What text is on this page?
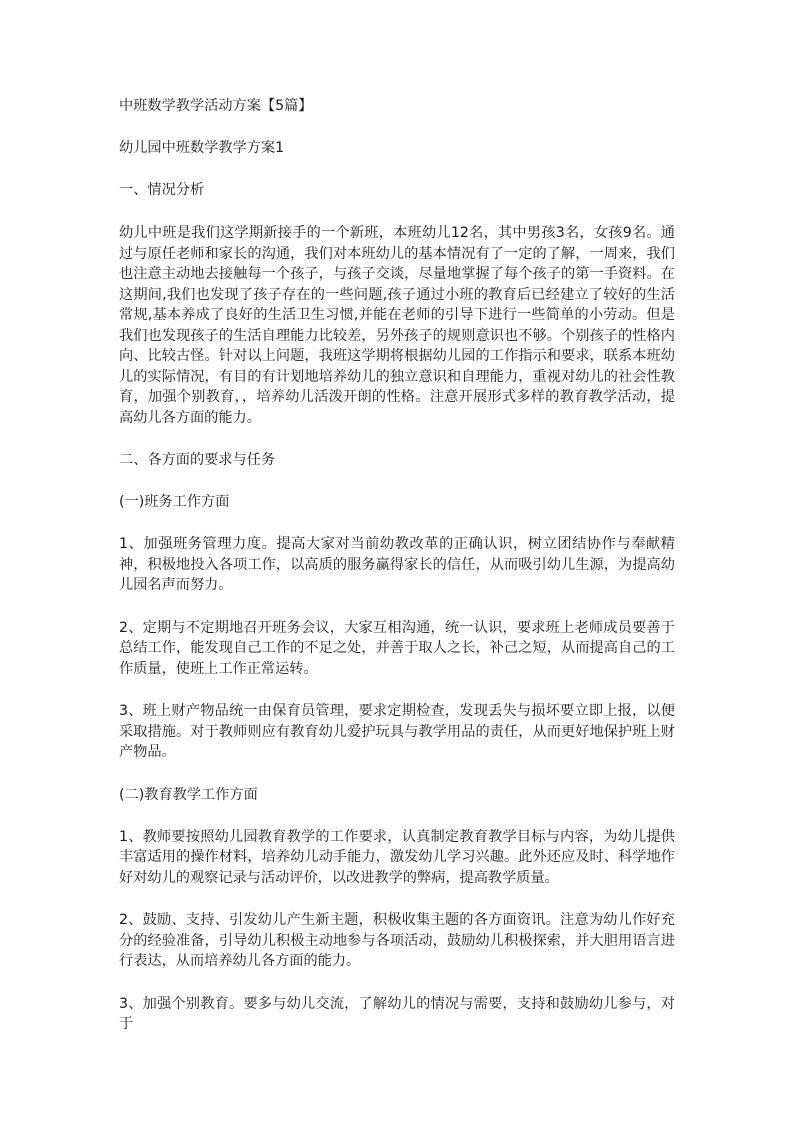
中班数学教学活动方案【5篇】

幼儿园中班数学教学方案1

一、情况分析

幼儿中班是我们这学期新接手的一个新班，本班幼儿12名，其中男孩3名，女孩9名。通过与原任老师和家长的沟通，我们对本班幼儿的基本情况有了一定的了解，一周来，我们也注意主动地去接触每一个孩子，与孩子交谈，尽量地掌握了每个孩子的第一手资料。在这期间,我们也发现了孩子存在的一些问题,孩子通过小班的教育后已经建立了较好的生活常规,基本养成了良好的生活卫生习惯,并能在老师的引导下进行一些简单的小劳动。但是我们也发现孩子的生活自理能力比较差，另外孩子的规则意识也不够。个别孩子的性格内向、比较古怪。针对以上问题，我班这学期将根据幼儿园的工作指示和要求，联系本班幼儿的实际情况，有目的有计划地培养幼儿的独立意识和自理能力，重视对幼儿的社会性教育，加强个别教育，，培养幼儿活泼开朗的性格。注意开展形式多样的教育教学活动，提高幼儿各方面的能力。

二、各方面的要求与任务

(一)班务工作方面

1、加强班务管理力度。提高大家对当前幼教改革的正确认识，树立团结协作与奉献精神，积极地投入各项工作，以高质的服务赢得家长的信任，从而吸引幼儿生源，为提高幼儿园名声而努力。

2、定期与不定期地召开班务会议，大家互相沟通，统一认识，要求班上老师成员要善于总结工作，能发现自己工作的不足之处，并善于取人之长，补己之短，从而提高自己的工作质量，使班上工作正常运转。

3、班上财产物品统一由保育员管理，要求定期检查，发现丢失与损坏要立即上报，以便采取措施。对于教师则应有教育幼儿爱护玩具与教学用品的责任，从而更好地保护班上财产物品。

(二)教育教学工作方面

1、教师要按照幼儿园教育教学的工作要求，认真制定教育教学目标与内容，为幼儿提供丰富适用的操作材料，培养幼儿动手能力，激发幼儿学习兴趣。此外还应及时、科学地作好对幼儿的观察记录与活动评价，以改进教学的弊病，提高教学质量。

2、鼓励、支持、引发幼儿产生新主题，积极收集主题的各方面资讯。注意为幼儿作好充分的经验准备，引导幼儿积极主动地参与各项活动，鼓励幼儿积极探索，并大胆用语言进行表达，从而培养幼儿各方面的能力。

3、加强个别教育。要多与幼儿交流，了解幼儿的情况与需要，支持和鼓励幼儿参与，对于
